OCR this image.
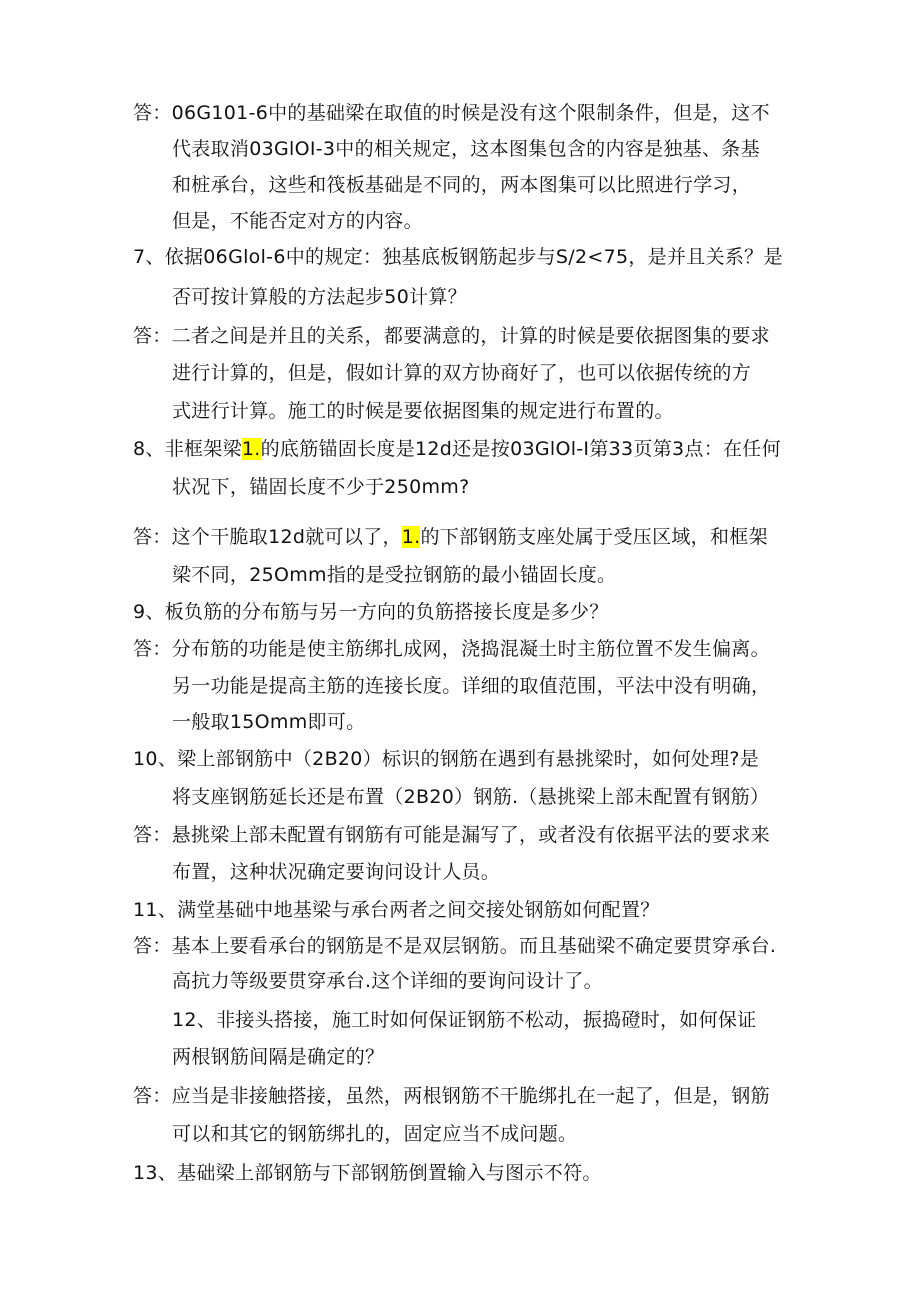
答：06G101-6中的基础梁在取值的时候是没有这个限制条件，但是，这不
代表取消03GlOI-3中的相关规定，这本图集包含的内容是独基、条基
和桩承台，这些和筏板基础是不同的，两本图集可以比照进行学习，
但是，不能否定对方的内容。
7、依据06Glol-6中的规定：独基底板钢筋起步与S/2<75，是并且关系？是
否可按计算般的方法起步50计算？
答：二者之间是并且的关系，都要满意的，计算的时候是要依据图集的要求
进行计算的，但是，假如计算的双方协商好了，也可以依据传统的方
式进行计算。施工的时候是要依据图集的规定进行布置的。
8、非框架梁1.的底筋锚固长度是12d还是按03GlOl-I第33页第3点：在任何
状况下，锚固长度不少于250mm?
答：这个干脆取12d就可以了，1.的下部钢筋支座处属于受压区域，和框架
梁不同，25Omm指的是受拉钢筋的最小锚固长度。
9、板负筋的分布筋与另一方向的负筋搭接长度是多少？
答：分布筋的功能是使主筋绑扎成网，浇捣混凝土时主筋位置不发生偏离。
另一功能是提高主筋的连接长度。详细的取值范围，平法中没有明确，
一般取15Omm即可。
10、梁上部钢筋中（2B20）标识的钢筋在遇到有悬挑梁时，如何处理?是
将支座钢筋延长还是布置（2B20）钢筋.（悬挑梁上部未配置有钢筋）
答：悬挑梁上部未配置有钢筋有可能是漏写了，或者没有依据平法的要求来
布置，这种状况确定要询问设计人员。
11、满堂基础中地基梁与承台两者之间交接处钢筋如何配置？
答：基本上要看承台的钢筋是不是双层钢筋。而且基础梁不确定要贯穿承台.
高抗力等级要贯穿承台.这个详细的要询问设计了。
12、非接头搭接，施工时如何保证钢筋不松动，振捣磴时，如何保证
两根钢筋间隔是确定的？
答：应当是非接触搭接，虽然，两根钢筋不干脆绑扎在一起了，但是，钢筋
可以和其它的钢筋绑扎的，固定应当不成问题。
13、基础梁上部钢筋与下部钢筋倒置输入与图示不符。
